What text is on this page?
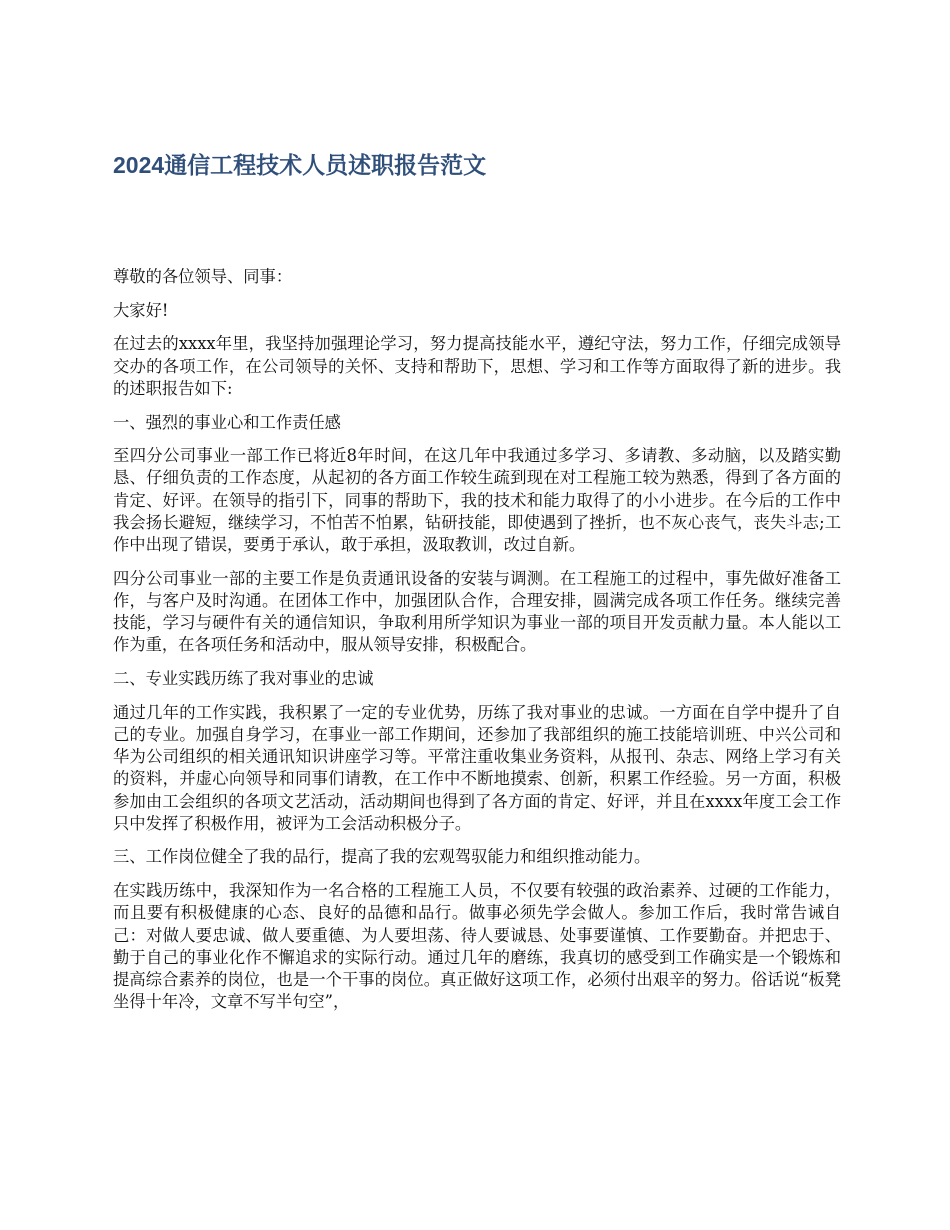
2024通信工程技术人员述职报告范文

尊敬的各位领导、同事：

大家好!

在过去的xxxx年里，我坚持加强理论学习，努力提高技能水平，遵纪守法，努力工作，仔细完成领导交办的各项工作，在公司领导的关怀、支持和帮助下，思想、学习和工作等方面取得了新的进步。我的述职报告如下:

一、强烈的事业心和工作责任感

至四分公司事业一部工作已将近8年时间，在这几年中我通过多学习、多请教、多动脑，以及踏实勤恳、仔细负责的工作态度，从起初的各方面工作较生疏到现在对工程施工较为熟悉，得到了各方面的肯定、好评。在领导的指引下，同事的帮助下，我的技术和能力取得了的小小进步。在今后的工作中我会扬长避短，继续学习，不怕苦不怕累，钻研技能，即使遇到了挫折，也不灰心丧气，丧失斗志;工作中出现了错误，要勇于承认，敢于承担，汲取教训，改过自新。

四分公司事业一部的主要工作是负责通讯设备的安装与调测。在工程施工的过程中，事先做好准备工作，与客户及时沟通。在团体工作中，加强团队合作，合理安排，圆满完成各项工作任务。继续完善技能，学习与硬件有关的通信知识，争取利用所学知识为事业一部的项目开发贡献力量。本人能以工作为重，在各项任务和活动中，服从领导安排，积极配合。

二、专业实践历练了我对事业的忠诚

通过几年的工作实践，我积累了一定的专业优势，历练了我对事业的忠诚。一方面在自学中提升了自己的专业。加强自身学习，在事业一部工作期间，还参加了我部组织的施工技能培训班、中兴公司和华为公司组织的相关通讯知识讲座学习等。平常注重收集业务资料，从报刊、杂志、网络上学习有关的资料，并虚心向领导和同事们请教，在工作中不断地摸索、创新，积累工作经验。另一方面，积极参加由工会组织的各项文艺活动，活动期间也得到了各方面的肯定、好评，并且在xxxx年度工会工作只中发挥了积极作用，被评为工会活动积极分子。

三、工作岗位健全了我的品行，提高了我的宏观驾驭能力和组织推动能力。

在实践历练中，我深知作为一名合格的工程施工人员，不仅要有较强的政治素养、过硬的工作能力，而且要有积极健康的心态、良好的品德和品行。做事必须先学会做人。参加工作后，我时常告诫自己：对做人要忠诚、做人要重德、为人要坦荡、待人要诚恳、处事要谨慎、工作要勤奋。并把忠于、勤于自己的事业化作不懈追求的实际行动。通过几年的磨练，我真切的感受到工作确实是一个锻炼和提高综合素养的岗位，也是一个干事的岗位。真正做好这项工作，必须付出艰辛的努力。俗话说“板凳坐得十年冷，文章不写半句空”，
